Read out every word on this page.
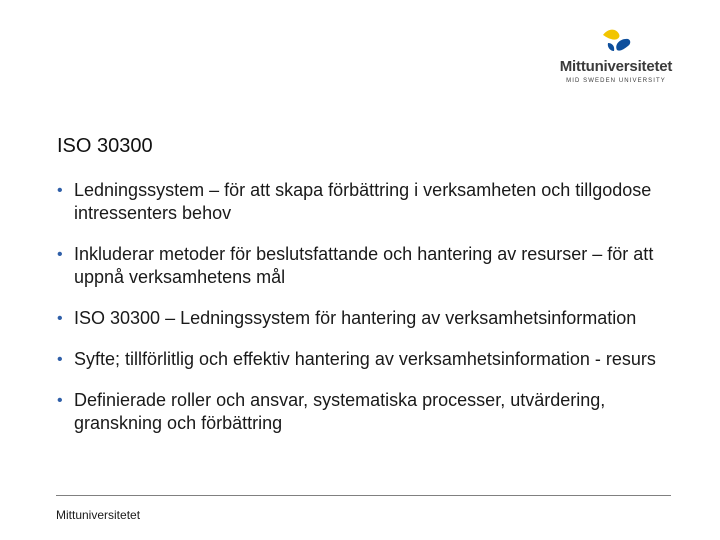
Mittuniversitetet
MID SWEDEN UNIVERSITY
ISO 30300
• Ledningssystem – för att skapa förbättring i verksamheten och tillgodose intressenters behov
• Inkluderar metoder för beslutsfattande och hantering av resurser – för att uppnå verksamhetens mål
• ISO 30300 – Ledningssystem för hantering av verksamhetsinformation
• Syfte; tillförlitlig och effektiv hantering av verksamhetsinformation - resurs
• Definierade roller och ansvar, systematiska processer, utvärdering, granskning och förbättring
Mittuniversitetet
